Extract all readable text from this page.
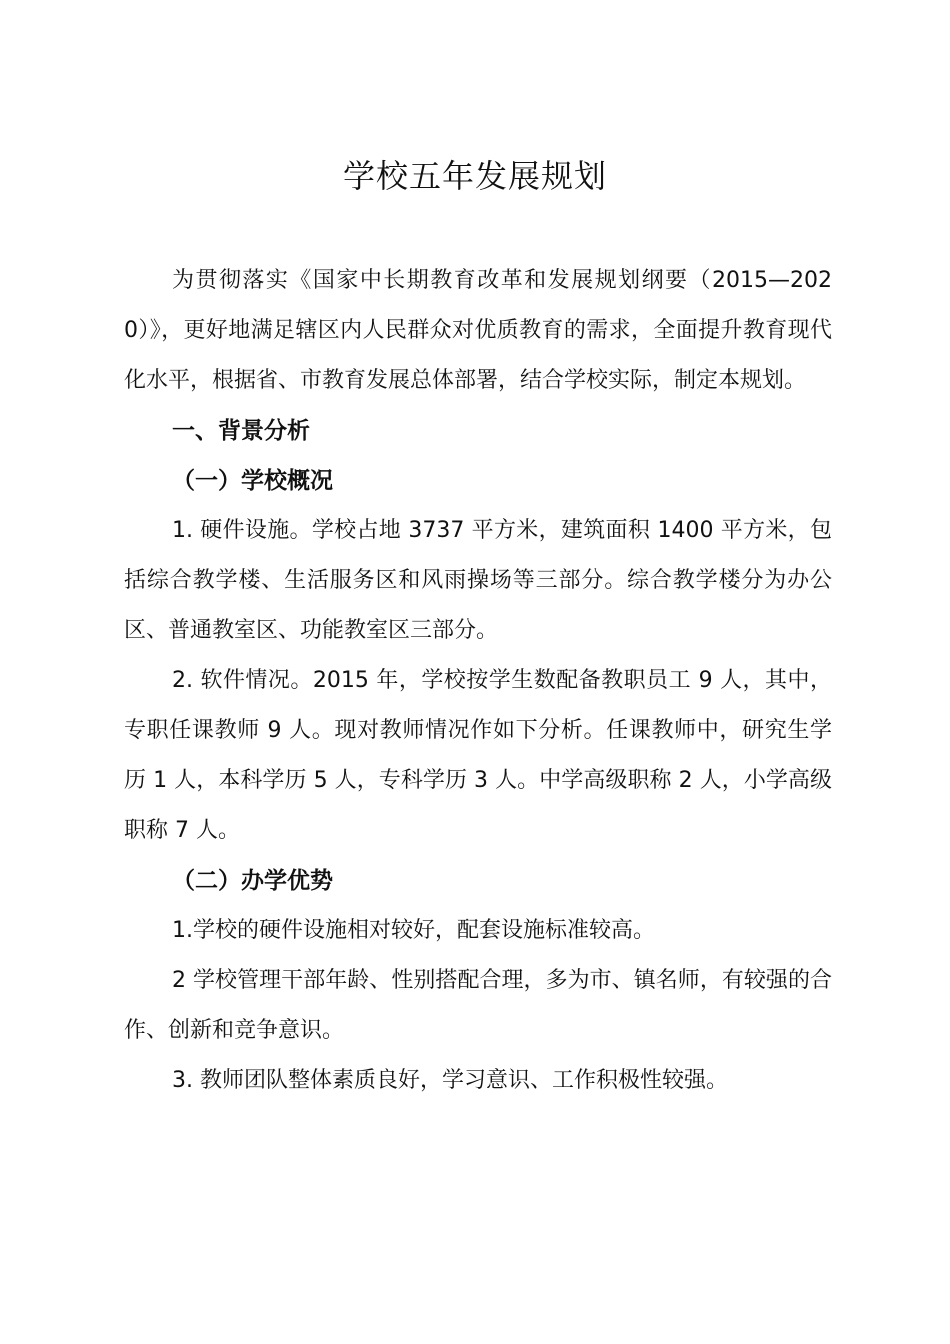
学校五年发展规划

为贯彻落实《国家中长期教育改革和发展规划纲要（2015—2020）》，更好地满足辖区内人民群众对优质教育的需求，全面提升教育现代化水平，根据省、市教育发展总体部署，结合学校实际，制定本规划。

一、背景分析

（一）学校概况

1. 硬件设施。学校占地 3737 平方米，建筑面积 1400 平方米，包括综合教学楼、生活服务区和风雨操场等三部分。综合教学楼分为办公区、普通教室区、功能教室区三部分。

2. 软件情况。2015 年，学校按学生数配备教职员工 9 人，其中，专职任课教师 9 人。现对教师情况作如下分析。任课教师中，研究生学历 1 人，本科学历 5 人，专科学历 3 人。中学高级职称 2 人，小学高级职称 7 人。

（二）办学优势

1.学校的硬件设施相对较好，配套设施标准较高。

2 学校管理干部年龄、性别搭配合理，多为市、镇名师，有较强的合作、创新和竞争意识。

3. 教师团队整体素质良好，学习意识、工作积极性较强。
